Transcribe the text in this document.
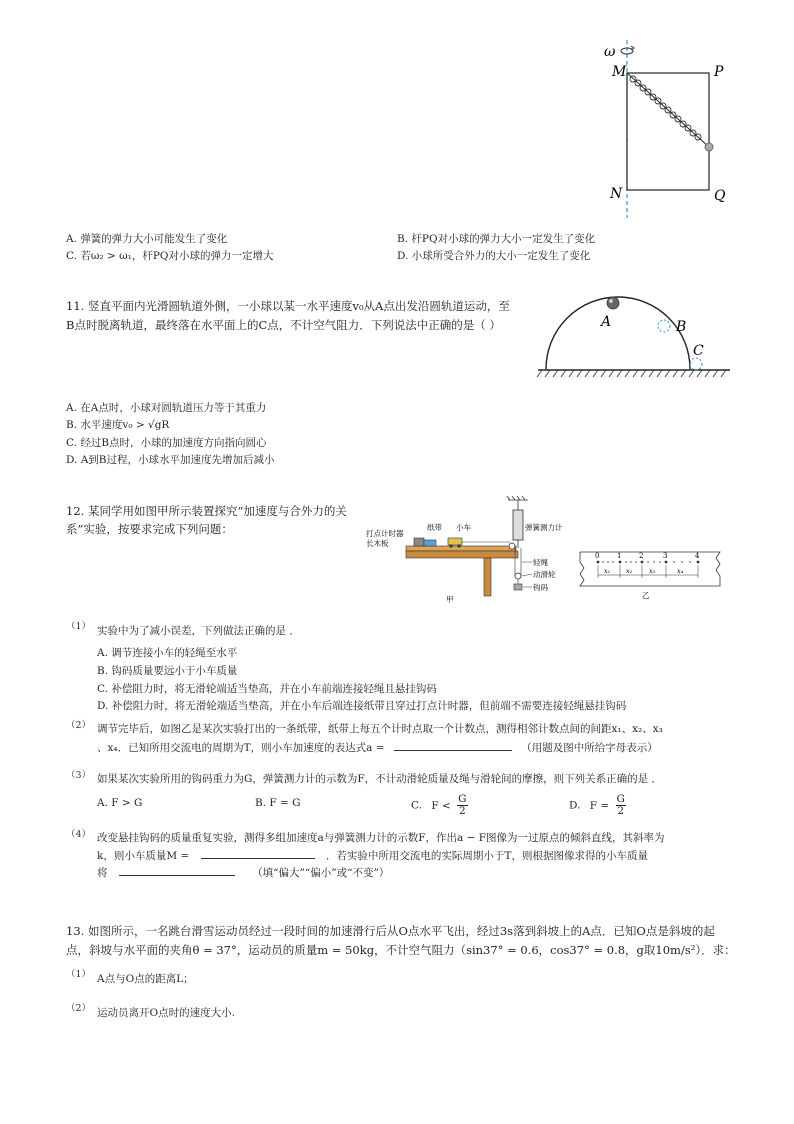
ω
M	P
N	Q
A. 弹簧的弹力大小可能发生了变化	B. 杆PQ对小球的弹力大小一定发生了变化
C. 若ω₂ > ω₁，杆PQ对小球的弹力一定增大	D. 小球所受合外力的大小一定发生了变化
11. 竖直平面内光滑圆轨道外侧，一小球以某一水平速度v₀从A点出发沿圆轨道运动，至
B点时脱离轨道，最终落在水平面上的C点，不计空气阻力．下列说法中正确的是（ ）	A	B
C
A. 在A点时，小球对圆轨道压力等于其重力
B. 水平速度v₀ > √gR
C. 经过B点时，小球的加速度方向指向圆心
D. A到B过程，小球水平加速度先增加后减小
12. 某同学用如图甲所示装置探究“加速度与合外力的关
系”实验，按要求完成下列问题：	打点计时器
长木板
纸带 小车	弹簧测力计
轻绳
动滑轮
钩码
甲
0	1	2	3	4
x₁ x₂	x₃	x₄
乙
（1） 实验中为了减小误差，下列做法正确的是 ．
A. 调节连接小车的轻绳至水平
B. 钩码质量要远小于小车质量
C. 补偿阻力时，将无滑轮端适当垫高，并在小车前端连接轻绳且悬挂钩码
D. 补偿阻力时，将无滑轮端适当垫高，并在小车后端连接纸带且穿过打点计时器，但前端不需要连接轻绳悬挂钩码
（2） 调节完毕后，如图乙是某次实验打出的一条纸带，纸带上每五个计时点取一个计数点，测得相邻计数点间的间距x₁、x₂、x₃
、x₄．已知所用交流电的周期为T，则小车加速度的表达式a =	（用题及图中所给字母表示）
（3） 如果某次实验所用的钩码重力为G，弹簧测力计的示数为F，不计动滑轮质量及绳与滑轮间的摩擦，则下列关系正确的是 ．
A. F > G	B. F = G	C. $F < \frac{G}{2}$	D. $F = \frac{G}{2}$
（4） 改变悬挂钩码的质量重复实验，测得多组加速度a与弹簧测力计的示数F，作出a − F图像为一过原点的倾斜直线，其斜率为
k，则小车质量M =	．若实验中所用交流电的实际周期小于T，则根据图像求得的小车质量
将	（填“偏大”“偏小”或“不变”）
13. 如图所示，一名跳台滑雪运动员经过一段时间的加速滑行后从O点水平飞出，经过3s落到斜坡上的A点．已知O点是斜坡的起
点，斜坡与水平面的夹角θ = 37°，运动员的质量m = 50kg，不计空气阻力（sin37° = 0.6，cos37° = 0.8，g取10m/s²）．求：
（1） A点与O点的距离L；
（2） 运动员离开O点时的速度大小.
